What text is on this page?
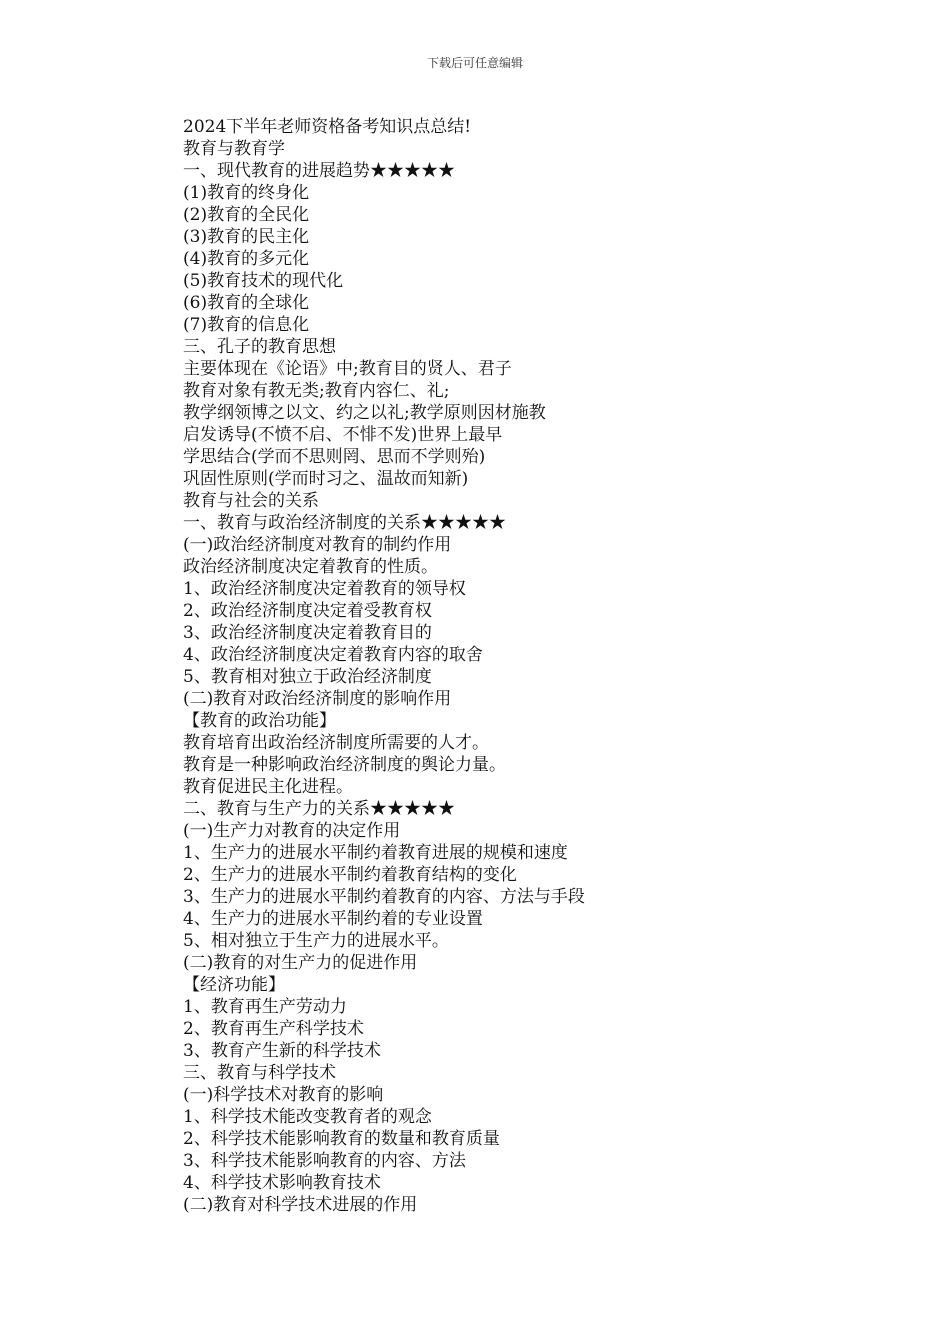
下载后可任意编辑
2024下半年老师资格备考知识点总结!
教育与教育学
一、现代教育的进展趋势★★★★★
(1)教育的终身化
(2)教育的全民化
(3)教育的民主化
(4)教育的多元化
(5)教育技术的现代化
(6)教育的全球化
(7)教育的信息化
三、孔子的教育思想
主要体现在《论语》中;教育目的贤人、君子
教育对象有教无类;教育内容仁、礼;
教学纲领博之以文、约之以礼;教学原则因材施教
启发诱导(不愤不启、不悱不发)世界上最早
学思结合(学而不思则罔、思而不学则殆)
巩固性原则(学而时习之、温故而知新)
教育与社会的关系
一、教育与政治经济制度的关系★★★★★
(一)政治经济制度对教育的制约作用
政治经济制度决定着教育的性质。
1、政治经济制度决定着教育的领导权
2、政治经济制度决定着受教育权
3、政治经济制度决定着教育目的
4、政治经济制度决定着教育内容的取舍
5、教育相对独立于政治经济制度
(二)教育对政治经济制度的影响作用
【教育的政治功能】
教育培育出政治经济制度所需要的人才。
教育是一种影响政治经济制度的舆论力量。
教育促进民主化进程。
二、教育与生产力的关系★★★★★
(一)生产力对教育的决定作用
1、生产力的进展水平制约着教育进展的规模和速度
2、生产力的进展水平制约着教育结构的变化
3、生产力的进展水平制约着教育的内容、方法与手段
4、生产力的进展水平制约着的专业设置
5、相对独立于生产力的进展水平。
(二)教育的对生产力的促进作用
【经济功能】
1、教育再生产劳动力
2、教育再生产科学技术
3、教育产生新的科学技术
三、教育与科学技术
(一)科学技术对教育的影响
1、科学技术能改变教育者的观念
2、科学技术能影响教育的数量和教育质量
3、科学技术能影响教育的内容、方法
4、科学技术影响教育技术
(二)教育对科学技术进展的作用
